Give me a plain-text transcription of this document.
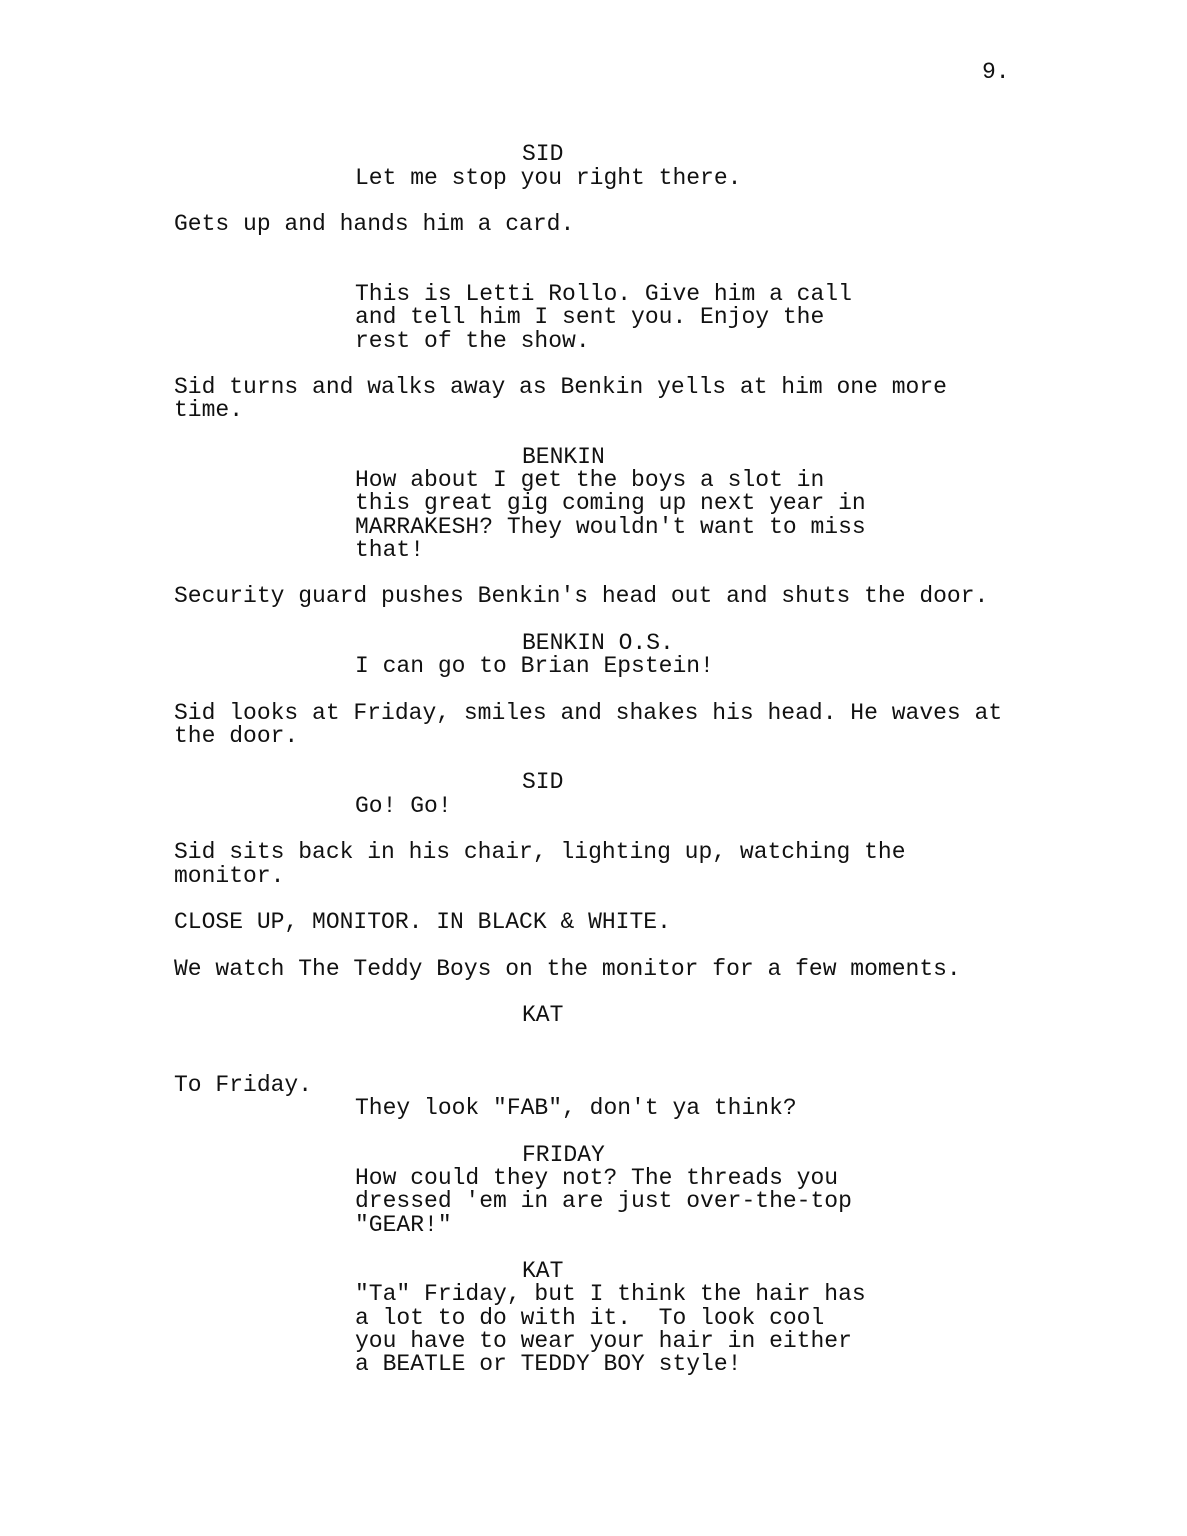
9.
SID
Let me stop you right there.
Gets up and hands him a card.
This is Letti Rollo. Give him a call
and tell him I sent you. Enjoy the
rest of the show.
Sid turns and walks away as Benkin yells at him one more
time.
BENKIN
How about I get the boys a slot in
this great gig coming up next year in
MARRAKESH? They wouldn't want to miss
that!
Security guard pushes Benkin's head out and shuts the door.
BENKIN O.S.
I can go to Brian Epstein!
Sid looks at Friday, smiles and shakes his head. He waves at
the door.
SID
Go! Go!
Sid sits back in his chair, lighting up, watching the
monitor.
CLOSE UP, MONITOR. IN BLACK & WHITE.
We watch The Teddy Boys on the monitor for a few moments.
KAT
To Friday.
They look "FAB", don't ya think?
FRIDAY
How could they not? The threads you
dressed 'em in are just over-the-top
"GEAR!"
KAT
"Ta" Friday, but I think the hair has
a lot to do with it.  To look cool
you have to wear your hair in either
a BEATLE or TEDDY BOY style!
